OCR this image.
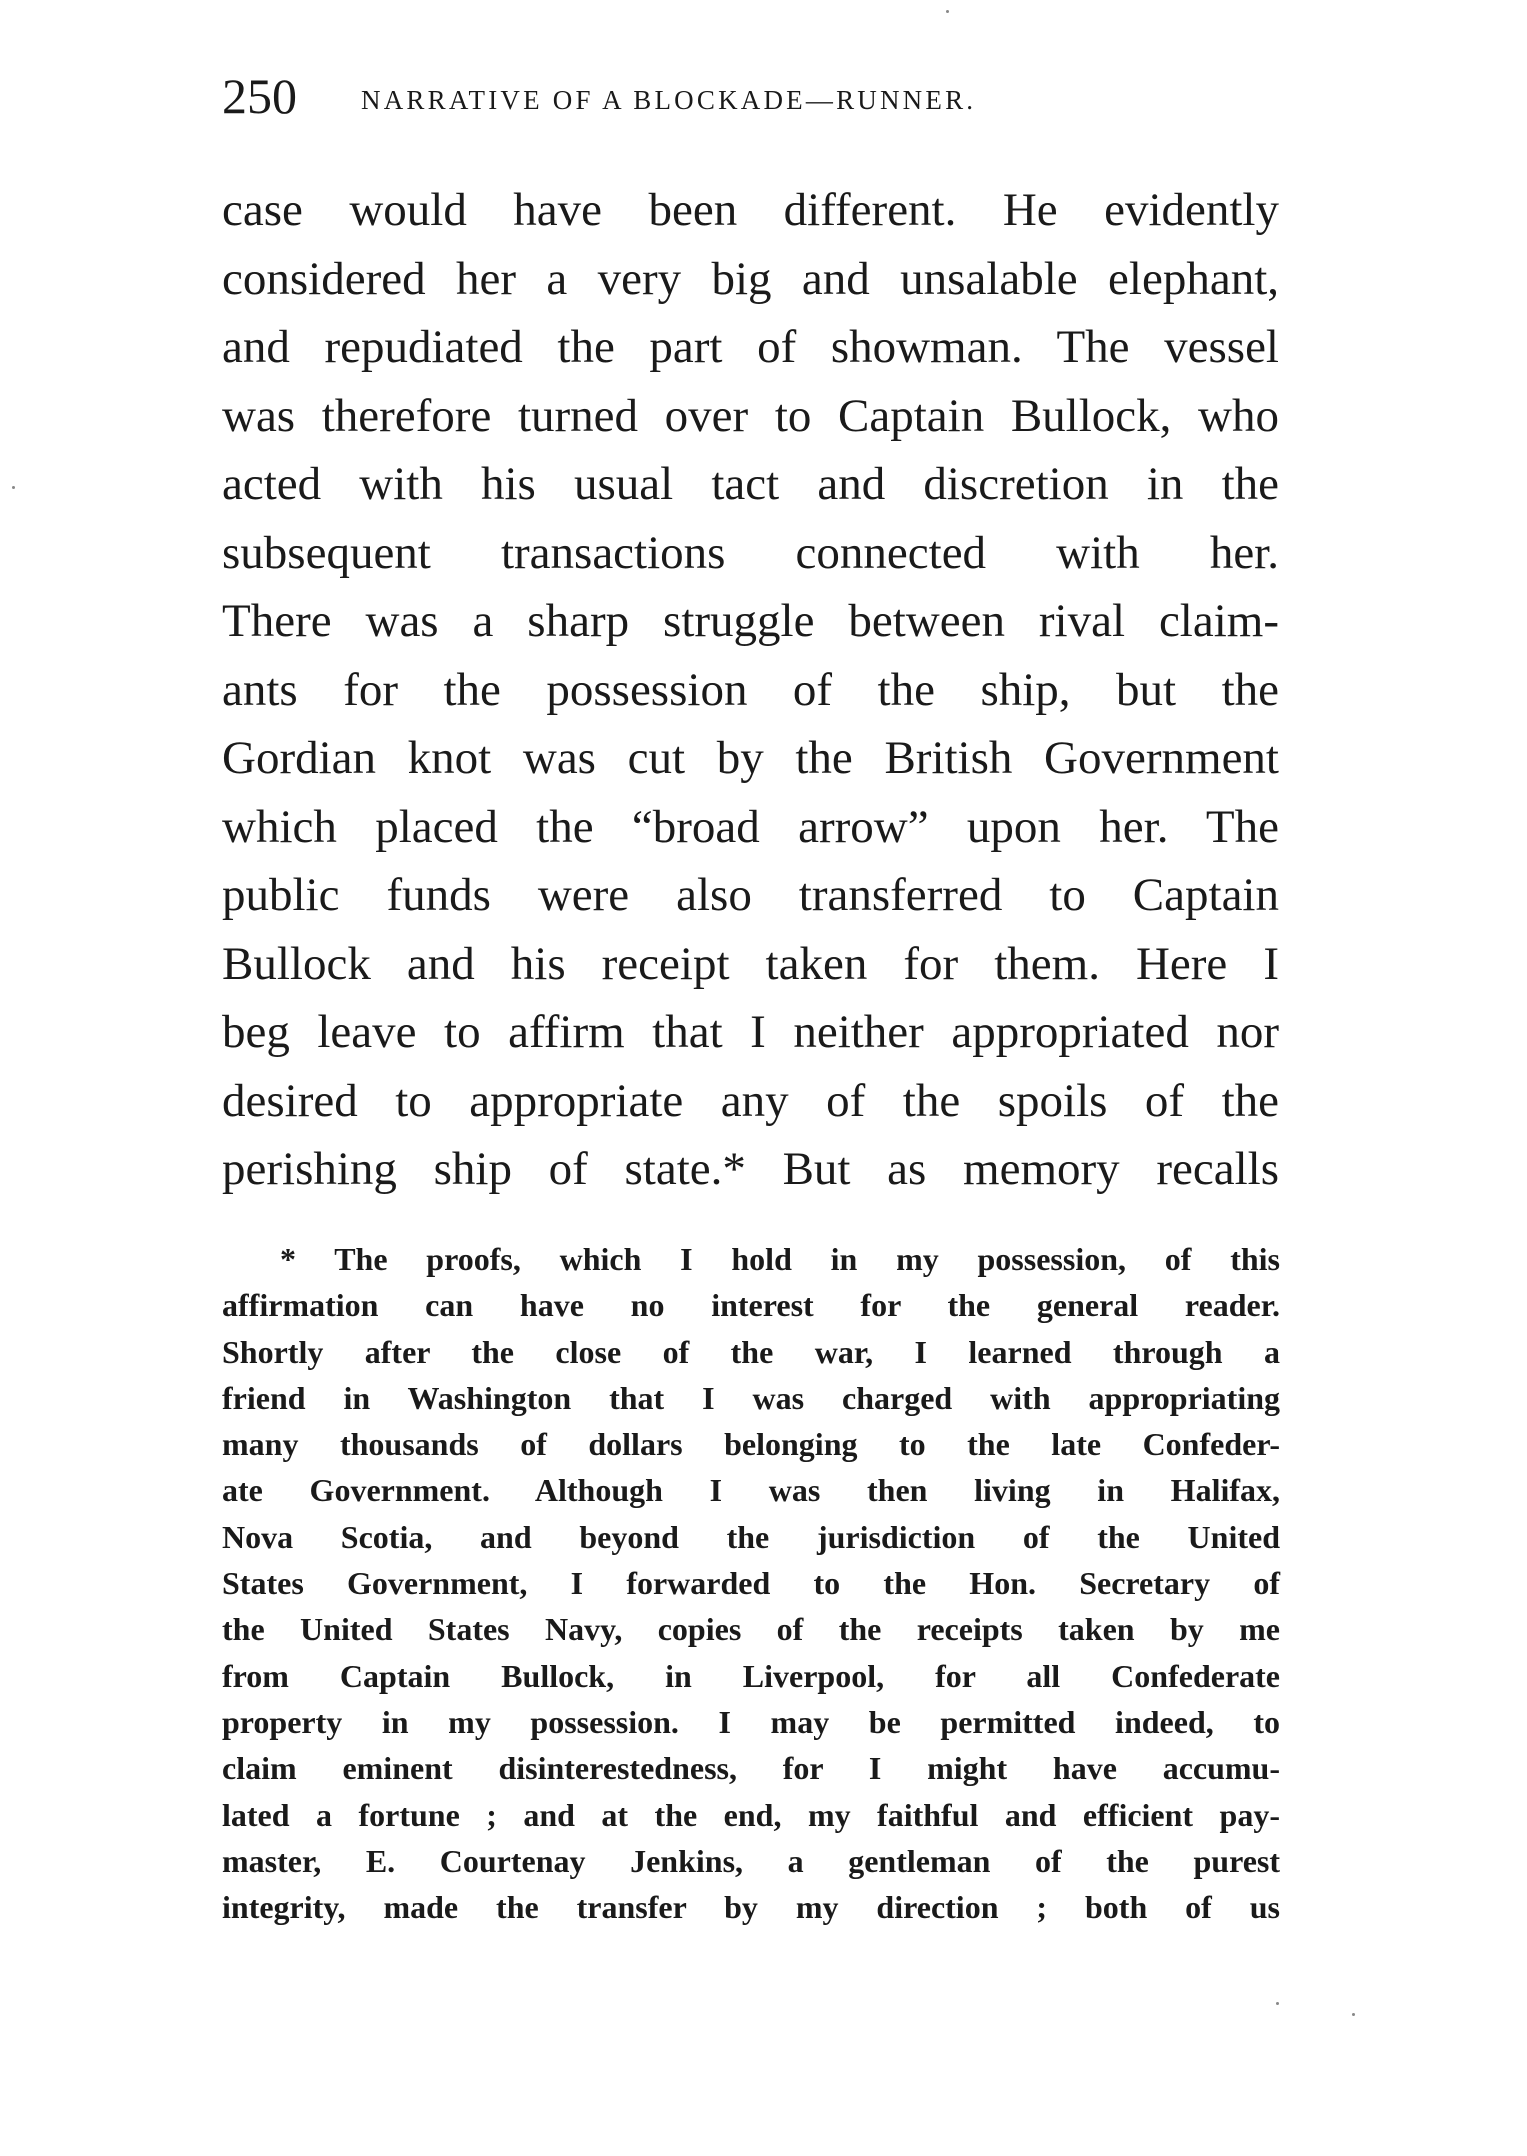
250 NARRATIVE OF A BLOCKADE—RUNNER.
case would have been different. He evidently
considered her a very big and unsalable elephant,
and repudiated the part of showman. The vessel
was therefore turned over to Captain Bullock, who
acted with his usual tact and discretion in the
subsequent transactions connected with her.
There was a sharp struggle between rival claim-
ants for the possession of the ship, but the
Gordian knot was cut by the British Government
which placed the “broad arrow” upon her. The
public funds were also transferred to Captain
Bullock and his receipt taken for them. Here I
beg leave to affirm that I neither appropriated nor
desired to appropriate any of the spoils of the
perishing ship of state.* But as memory recalls
* The proofs, which I hold in my possession, of this
affirmation can have no interest for the general reader.
Shortly after the close of the war, I learned through a
friend in Washington that I was charged with appropriating
many thousands of dollars belonging to the late Confeder-
ate Government. Although I was then living in Halifax,
Nova Scotia, and beyond the jurisdiction of the United
States Government, I forwarded to the Hon. Secretary of
the United States Navy, copies of the receipts taken by me
from Captain Bullock, in Liverpool, for all Confederate
property in my possession. I may be permitted indeed, to
claim eminent disinterestedness, for I might have accumu-
lated a fortune ; and at the end, my faithful and efficient pay-
master, E. Courtenay Jenkins, a gentleman of the purest
integrity, made the transfer by my direction ; both of us
